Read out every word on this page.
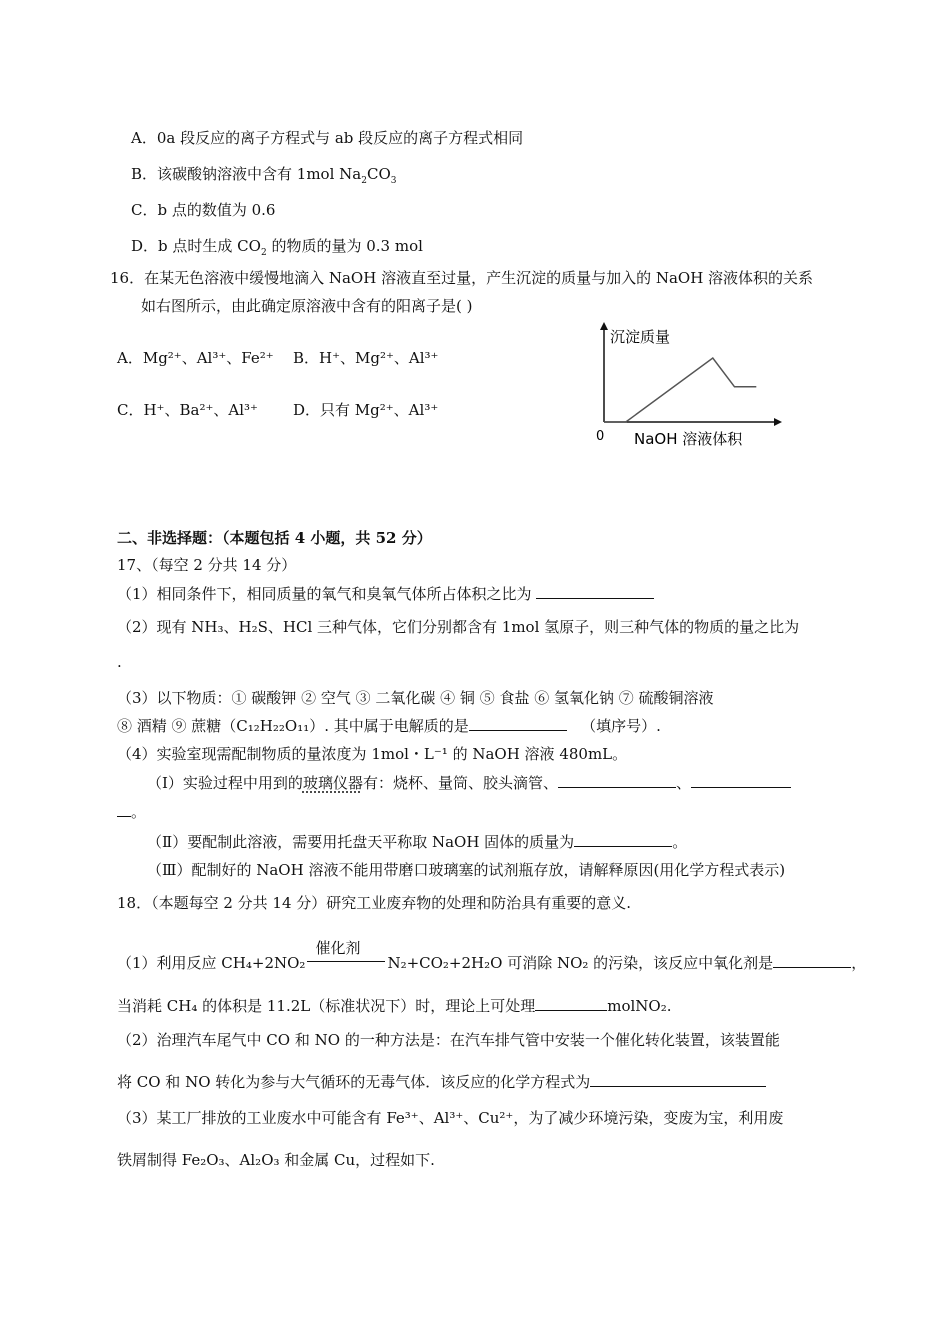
A．0a 段反应的离子方程式与 ab 段反应的离子方程式相同
B．该碳酸钠溶液中含有 1mol $Na_2CO_3$
C．b 点的数值为 0.6
D．b 点时生成 $CO_2$ 的物质的量为 0.3 mol
16．在某无色溶液中缓慢地滴入 NaOH 溶液直至过量，产生沉淀的质量与加入的 NaOH 溶液体积的关系
如右图所示，由此确定原溶液中含有的阳离子是( )
A．Mg²⁺、Al³⁺、Fe²⁺ B．H⁺、Mg²⁺、Al³⁺
C．H⁺、Ba²⁺、Al³⁺ D．只有 Mg²⁺、Al³⁺
沉淀质量
NaOH 溶液体积
0
二、非选择题：（本题包括 4 小题，共 52 分）
17、（每空 2 分共 14 分）
（1）相同条件下，相同质量的氧气和臭氧气体所占体积之比为
（2）现有 NH₃、H₂S、HCl 三种气体，它们分别都含有 1mol 氢原子，则三种气体的物质的量之比为
.
（3）以下物质：① 碳酸钾 ② 空气 ③ 二氧化碳 ④ 铜 ⑤ 食盐 ⑥ 氢氧化钠 ⑦ 硫酸铜溶液
⑧ 酒精 ⑨ 蔗糖（C₁₂H₂₂O₁₁）. 其中属于电解质的是	（填序号）.
（4）实验室现需配制物质的量浓度为 1mol・L⁻¹ 的 NaOH 溶液 480mL。
（Ⅰ）实验过程中用到的玻璃仪器有：烧杯、量筒、胶头滴管、	、
。
（Ⅱ）要配制此溶液，需要用托盘天平称取 NaOH 固体的质量为	。
（Ⅲ）配制好的 NaOH 溶液不能用带磨口玻璃塞的试剂瓶存放，请解释原因(用化学方程式表示)
18．（本题每空 2 分共 14 分）研究工业废弃物的处理和防治具有重要的意义.
（1）利用反应 CH₄+2NO₂
催化剂
N₂+CO₂+2H₂O 可消除 NO₂ 的污染，该反应中氧化剂是	，
当消耗 CH₄ 的体积是 11.2L（标准状况下）时，理论上可处理	molNO₂.
（2）治理汽车尾气中 CO 和 NO 的一种方法是：在汽车排气管中安装一个催化转化装置，该装置能
将 CO 和 NO 转化为参与大气循环的无毒气体．该反应的化学方程式为
（3）某工厂排放的工业废水中可能含有 Fe³⁺、Al³⁺、Cu²⁺，为了减少环境污染，变废为宝，利用废
铁屑制得 Fe₂O₃、Al₂O₃ 和金属 Cu，过程如下.
